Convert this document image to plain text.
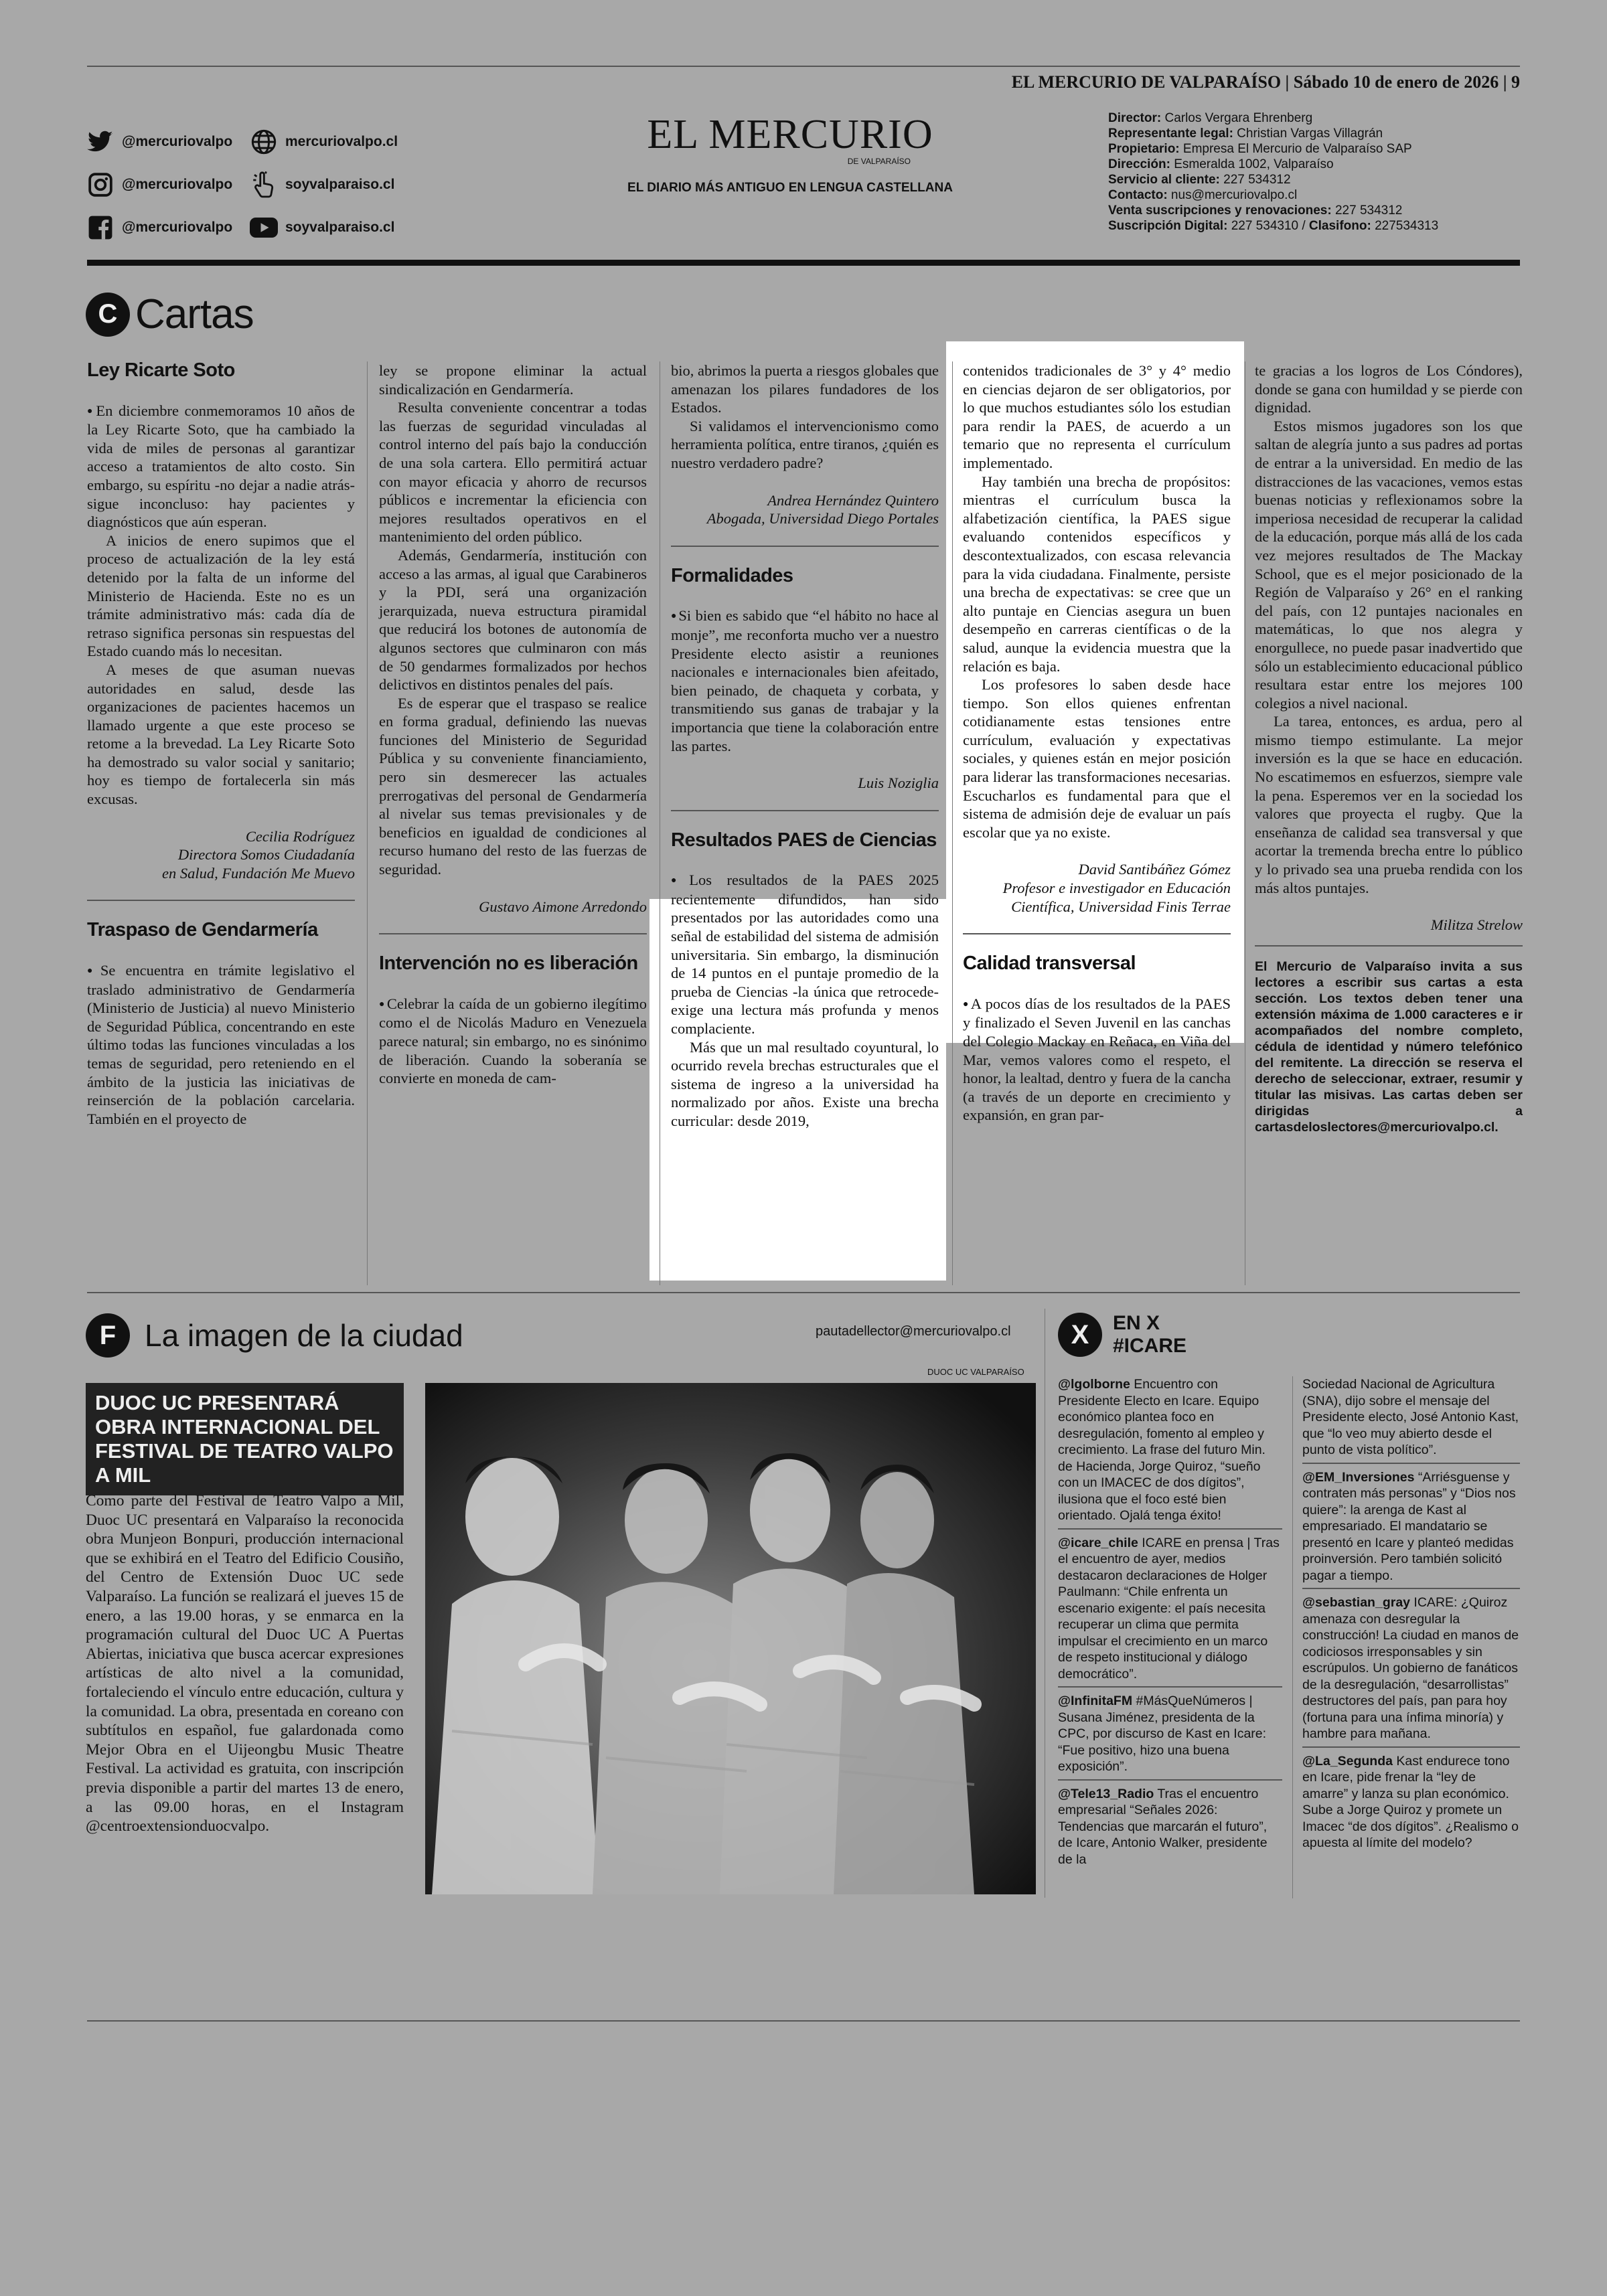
EL MERCURIO DE VALPARAÍSO | Sábado 10 de enero de 2026 | 9
@mercuriovalpo
@mercuriovalpo
@mercuriovalpo
mercuriovalpo.cl
soyvalparaiso.cl
soyvalparaiso.cl
EL MERCURIO
DE VALPARAÍSO
EL DIARIO MÁS ANTIGUO EN LENGUA CASTELLANA
Director: Carlos Vergara Ehrenberg
Representante legal: Christian Vargas Villagrán
Propietario: Empresa El Mercurio de Valparaíso SAP
Dirección: Esmeralda 1002, Valparaíso
Servicio al cliente: 227 534312
Contacto: nus@mercuriovalpo.cl
Venta suscripciones y renovaciones: 227 534312
Suscripción Digital: 227 534310 / Clasifono: 227534313
C Cartas
Ley Ricarte Soto

● En diciembre conmemoramos 10 años de la Ley Ricarte Soto, que ha cambiado la vida de miles de personas al garantizar acceso a tratamientos de alto costo. Sin embargo, su espíritu -no dejar a nadie atrás- sigue inconcluso: hay pacientes y diagnósticos que aún esperan.

A inicios de enero supimos que el proceso de actualización de la ley está detenido por la falta de un informe del Ministerio de Hacienda. Este no es un trámite administrativo más: cada día de retraso significa personas sin respuestas del Estado cuando más lo necesitan.

A meses de que asuman nuevas autoridades en salud, desde las organizaciones de pacientes hacemos un llamado urgente a que este proceso se retome a la brevedad. La Ley Ricarte Soto ha demostrado su valor social y sanitario; hoy es tiempo de fortalecerla sin más excusas.

Cecilia Rodríguez
Directora Somos Ciudadanía
en Salud, Fundación Me Muevo
Traspaso de Gendarmería

● Se encuentra en trámite legislativo el traslado administrativo de Gendarmería (Ministerio de Justicia) al nuevo Ministerio de Seguridad Pública, concentrando en este último todas las funciones vinculadas a los temas de seguridad, pero reteniendo en el ámbito de la justicia las iniciativas de reinserción de la población carcelaria. También en el proyecto de

ley se propone eliminar la actual sindicalización en Gendarmería.

Resulta conveniente concentrar a todas las fuerzas de seguridad vinculadas al control interno del país bajo la conducción de una sola cartera. Ello permitirá actuar con mayor eficacia y ahorro de recursos públicos e incrementar la eficiencia con mejores resultados operativos en el mantenimiento del orden público.

Además, Gendarmería, institución con acceso a las armas, al igual que Carabineros y la PDI, será una organización jerarquizada, nueva estructura piramidal que reducirá los botones de autonomía de algunos sectores que culminaron con más de 50 gendarmes formalizados por hechos delictivos en distintos penales del país.

Es de esperar que el traspaso se realice en forma gradual, definiendo las nuevas funciones del Ministerio de Seguridad Pública y su conveniente financiamiento, pero sin desmerecer las actuales prerrogativas del personal de Gendarmería al nivelar sus temas previsionales y de beneficios en igualdad de condiciones al recurso humano del resto de las fuerzas de seguridad.

Gustavo Aimone Arredondo
Intervención no es liberación

● Celebrar la caída de un gobierno ilegítimo como el de Nicolás Maduro en Venezuela parece natural; sin embargo, no es sinónimo de liberación. Cuando la soberanía se convierte en moneda de cam-

bio, abrimos la puerta a riesgos globales que amenazan los pilares fundadores de los Estados.

Si validamos el intervencionismo como herramienta política, entre tiranos, ¿quién es nuestro verdadero padre?

Andrea Hernández Quintero
Abogada, Universidad Diego Portales
Formalidades

● Si bien es sabido que “el hábito no hace al monje”, me reconforta mucho ver a nuestro Presidente electo asistir a reuniones nacionales e internacionales bien afeitado, bien peinado, de chaqueta y corbata, y transmitiendo sus ganas de trabajar y la importancia que tiene la colaboración entre las partes.

Luis Noziglia
Resultados PAES de Ciencias

● Los resultados de la PAES 2025 recientemente difundidos, han sido presentados por las autoridades como una señal de estabilidad del sistema de admisión universitaria. Sin embargo, la disminución de 14 puntos en el puntaje promedio de la prueba de Ciencias -la única que retrocede- exige una lectura más profunda y menos complaciente.

Más que un mal resultado coyuntural, lo ocurrido revela brechas estructurales que el sistema de ingreso a la universidad ha normalizado por años. Existe una brecha curricular: desde 2019,

contenidos tradicionales de 3° y 4° medio en ciencias dejaron de ser obligatorios, por lo que muchos estudiantes sólo los estudian para rendir la PAES, de acuerdo a un temario que no representa el currículum implementado.

Hay también una brecha de propósitos: mientras el currículum busca la alfabetización científica, la PAES sigue evaluando contenidos específicos y descontextualizados, con escasa relevancia para la vida ciudadana. Finalmente, persiste una brecha de expectativas: se cree que un alto puntaje en Ciencias asegura un buen desempeño en carreras científicas o de la salud, aunque la evidencia muestra que la relación es baja.

Los profesores lo saben desde hace tiempo. Son ellos quienes enfrentan cotidianamente estas tensiones entre currículum, evaluación y expectativas sociales, y quienes están en mejor posición para liderar las transformaciones necesarias. Escucharlos es fundamental para que el sistema de admisión deje de evaluar un país escolar que ya no existe.

David Santibáñez Gómez
Profesor e investigador en Educación
Científica, Universidad Finis Terrae
Calidad transversal

● A pocos días de los resultados de la PAES y finalizado el Seven Juvenil en las canchas del Colegio Mackay en Reñaca, en Viña del Mar, vemos valores como el respeto, el honor, la lealtad, dentro y fuera de la cancha (a través de un deporte en crecimiento y expansión, en gran par-

te gracias a los logros de Los Cóndores), donde se gana con humildad y se pierde con dignidad.

Estos mismos jugadores son los que saltan de alegría junto a sus padres ad portas de entrar a la universidad. En medio de las distracciones de las vacaciones, vemos estas buenas noticias y reflexionamos sobre la imperiosa necesidad de recuperar la calidad de la educación, porque más allá de los cada vez mejores resultados de The Mackay School, que es el mejor posicionado de la Región de Valparaíso y 26° en el ranking del país, con 12 puntajes nacionales en matemáticas, lo que nos alegra y enorgullece, no puede pasar inadvertido que sólo un establecimiento educacional público resultara estar entre los mejores 100 colegios a nivel nacional.

La tarea, entonces, es ardua, pero al mismo tiempo estimulante. La mejor inversión es la que se hace en educación. No escatimemos en esfuerzos, siempre vale la pena. Esperemos ver en la sociedad los valores que proyecta el rugby. Que la enseñanza de calidad sea transversal y que acortar la tremenda brecha entre lo público y lo privado sea una prueba rendida con los más altos puntajes.

Militza Strelow
El Mercurio de Valparaíso invita a sus lectores a escribir sus cartas a esta sección. Los textos deben tener una extensión máxima de 1.000 caracteres e ir acompañados del nombre completo, cédula de identidad y número telefónico del remitente. La dirección se reserva el derecho de seleccionar, extraer, resumir y titular las misivas. Las cartas deben ser dirigidas a cartasdeloslectores@mercuriovalpo.cl.
F La imagen de la ciudad	pautadellector@mercuriovalpo.cl
DUOC UC VALPARAÍSO
DUOC UC PRESENTARÁ OBRA INTERNACIONAL DEL FESTIVAL DE TEATRO VALPO A MIL

Como parte del Festival de Teatro Valpo a Mil, Duoc UC presentará en Valparaíso la reconocida obra Munjeon Bonpuri, producción internacional que se exhibirá en el Teatro del Edificio Cousiño, del Centro de Extensión Duoc UC sede Valparaíso. La función se realizará el jueves 15 de enero, a las 19.00 horas, y se enmarca en la programación cultural del Duoc UC A Puertas Abiertas, iniciativa que busca acercar expresiones artísticas de alto nivel a la comunidad, fortaleciendo el vínculo entre educación, cultura y la comunidad. La obra, presentada en coreano con subtítulos en español, fue galardonada como Mejor Obra en el Uijeongbu Music Theatre Festival. La actividad es gratuita, con inscripción previa disponible a partir del martes 13 de enero, a las 09.00 horas, en el Instagram @centroextensionduocvalpo.

X	EN X
#ICARE
@lgolborne Encuentro con Presidente Electo en Icare. Equipo económico plantea foco en desregulación, fomento al empleo y crecimiento. La frase del futuro Min. de Hacienda, Jorge Quiroz, “sueño con un IMACEC de dos dígitos”, ilusiona que el foco esté bien orientado. Ojalá tenga éxito!
@icare_chile ICARE en prensa | Tras el encuentro de ayer, medios destacaron declaraciones de Holger Paulmann: “Chile enfrenta un escenario exigente: el país necesita recuperar un clima que permita impulsar el crecimiento en un marco de respeto institucional y diálogo democrático”.
@InfinitaFM #MásQueNúmeros | Susana Jiménez, presidenta de la CPC, por discurso de Kast en Icare: “Fue positivo, hizo una buena exposición”.
@Tele13_Radio Tras el encuentro empresarial “Señales 2026: Tendencias que marcarán el futuro”, de Icare, Antonio Walker, presidente de la
Sociedad Nacional de Agricultura (SNA), dijo sobre el mensaje del Presidente electo, José Antonio Kast, que “lo veo muy abierto desde el punto de vista político”.
@EM_Inversiones “Arriésguense y contraten más personas” y “Dios nos quiere”: la arenga de Kast al empresariado. El mandatario se presentó en Icare y planteó medidas proinversión. Pero también solicitó pagar a tiempo.
@sebastian_gray ICARE: ¿Quiroz amenaza con desregular la construcción! La ciudad en manos de codiciosos irresponsables y sin escrúpulos. Un gobierno de fanáticos de la desregulación, “desarrollistas” destructores del país, pan para hoy (fortuna para una ínfima minoría) y hambre para mañana.
@La_Segunda Kast endurece tono en Icare, pide frenar la “ley de amarre” y lanza su plan económico. Sube a Jorge Quiroz y promete un Imacec “de dos dígitos”. ¿Realismo o apuesta al límite del modelo?
